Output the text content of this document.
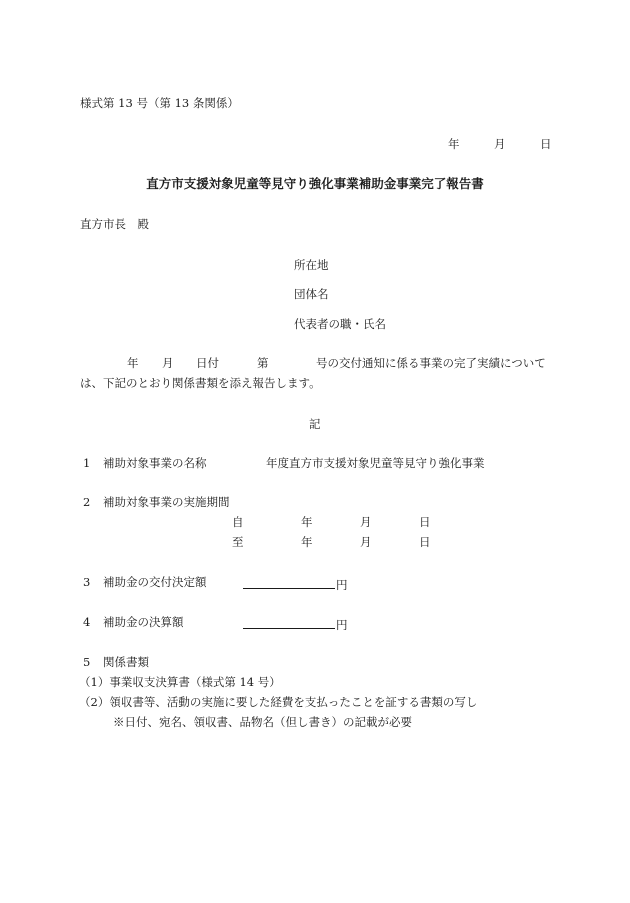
様式第 13 号（第 13 条関係）
年	月	日
直方市支援対象児童等見守り強化事業補助金事業完了報告書
直方市長　殿
所在地
団体名
代表者の職・氏名
年 月 日付	第	号の交付通知に係る事業の完了実績について
は、下記のとおり関係書類を添え報告します。
記
1 補助対象事業の名称	年度直方市支援対象児童等見守り強化事業
2 補助対象事業の実施期間
自	年	月	日
至	年	月	日
3 補助金の交付決定額	円
4 補助金の決算額	円
5 関係書類
（1）事業収支決算書（様式第 14 号）
（2）領収書等、活動の実施に要した経費を支払ったことを証する書類の写し
※日付、宛名、領収書、品物名（但し書き）の記載が必要
